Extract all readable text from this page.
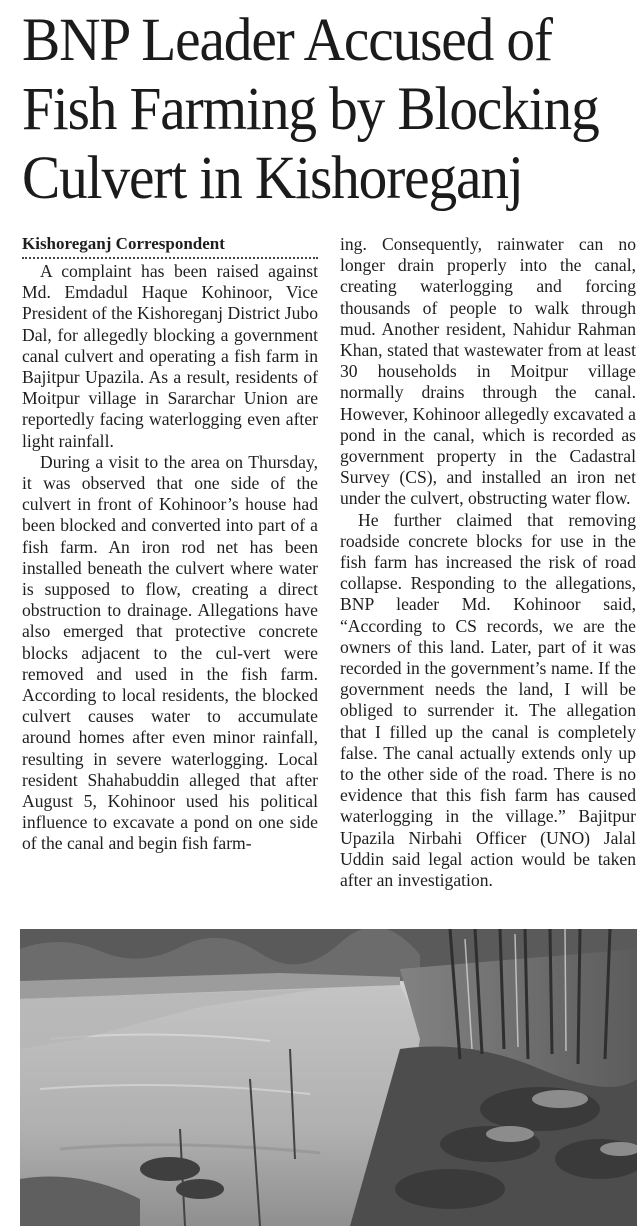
BNP Leader Accused of
Fish Farming by Blocking
Culvert in Kishoreganj
Kishoreganj Correspondent

A complaint has been raised against Md. Emdadul Haque Kohinoor, Vice President of the Kishoreganj District Jubo Dal, for allegedly blocking a government canal culvert and operating a fish farm in Bajitpur Upazila. As a result, residents of Moitpur village in Sararchar Union are reportedly facing waterlogging even after light rainfall.

During a visit to the area on Thursday, it was observed that one side of the culvert in front of Kohinoor’s house had been blocked and converted into part of a fish farm. An iron rod net has been installed beneath the culvert where water is supposed to flow, creating a direct obstruction to drainage. Allegations have also emerged that protective concrete blocks adjacent to the cul-vert were removed and used in the fish farm. According to local residents, the blocked culvert causes water to accumulate around homes after even minor rainfall, resulting in severe waterlogging. Local resident Shahabuddin alleged that after August 5, Kohinoor used his political influence to excavate a pond on one side of the canal and begin fish farm-

ing. Consequently, rainwater can no longer drain properly into the canal, creating waterlogging and forcing thousands of people to walk through mud. Another resident, Nahidur Rahman Khan, stated that wastewater from at least 30 households in Moitpur village normally drains through the canal. However, Kohinoor allegedly excavated a pond in the canal, which is recorded as government property in the Cadastral Survey (CS), and installed an iron net under the culvert, obstructing water flow.

He further claimed that removing roadside concrete blocks for use in the fish farm has increased the risk of road collapse. Responding to the allegations, BNP leader Md. Kohinoor said, “According to CS records, we are the owners of this land. Later, part of it was recorded in the government’s name. If the government needs the land, I will be obliged to surrender it. The allegation that I filled up the canal is completely false. The canal actually extends only up to the other side of the road. There is no evidence that this fish farm has caused waterlogging in the village.” Bajitpur Upazila Nirbahi Officer (UNO) Jalal Uddin said legal action would be taken after an investigation.
